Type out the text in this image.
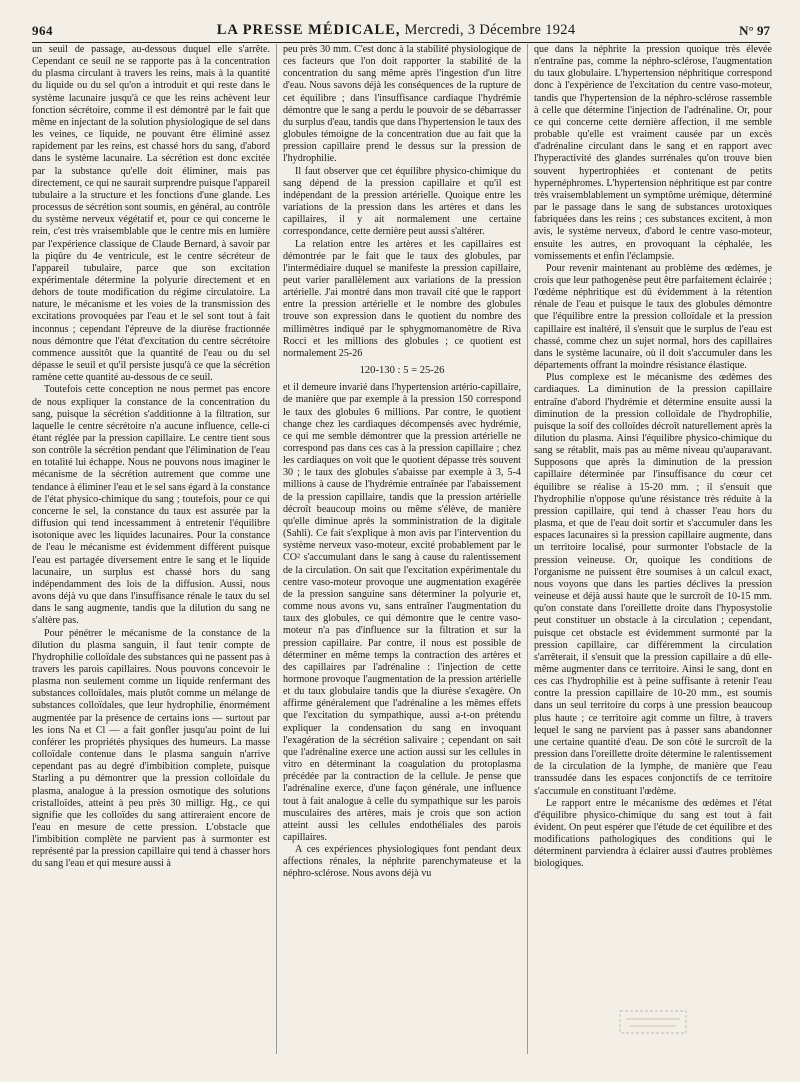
964	LA PRESSE MÉDICALE, Mercredi, 3 Décembre 1924	N° 97

un seuil de passage, au-dessous duquel elle s'arrête. Cependant ce seuil ne se rapporte pas à la concentration du plasma circulant à travers les reins, mais à la quantité du liquide ou du sel qu'on a introduit et qui reste dans le système lacunaire jusqu'à ce que les reins achèvent leur fonction sécrétoire, comme il est démontré par le fait que même en injectant de la solution physiologique de sel dans les veines, ce liquide, ne pouvant être éliminé assez rapidement par les reins, est chassé hors du sang, d'abord dans le système lacunaire. La sécrétion est donc excitée par la substance qu'elle doit éliminer, mais pas directement, ce qui ne saurait surprendre puisque l'appareil tubulaire a la structure et les fonctions d'une glande. Les processus de sécrétion sont soumis, en général, au contrôle du système nerveux végétatif et, pour ce qui concerne le rein, c'est très vraisemblable que le centre mis en lumière par l'expérience classique de Claude Bernard, à savoir par la piqûre du 4e ventricule, est le centre sécréteur de l'appareil tubulaire, parce que son excitation expérimentale détermine la polyurie directement et en dehors de toute modification du régime circulatoire. La nature, le mécanisme et les voies de la transmission des excitations provoquées par l'eau et le sel sont tout à fait inconnus ; cependant l'épreuve de la diurèse fractionnée nous démontre que l'état d'excitation du centre sécrétoire commence aussitôt que la quantité de l'eau ou du sel dépasse le seuil et qu'il persiste jusqu'à ce que la sécrétion ramène cette quantité au-dessous de ce seuil.

Toutefois cette conception ne nous permet pas encore de nous expliquer la constance de la concentration du sang, puisque la sécrétion s'additionne à la filtration, sur laquelle le centre sécrétoire n'a aucune influence, celle-ci étant réglée par la pression capillaire. Le centre tient sous son contrôle la sécrétion pendant que l'élimination de l'eau en totalité lui échappe. Nous ne pouvons nous imaginer le mécanisme de la sécrétion autrement que comme une tendance à éliminer l'eau et le sel sans égard à la constance de l'état physico-chimique du sang ; toutefois, pour ce qui concerne le sel, la constance du taux est assurée par la diffusion qui tend incessamment à entretenir l'équilibre isotonique avec les liquides lacunaires. Pour la constance de l'eau le mécanisme est évidemment différent puisque l'eau est partagée diversement entre le sang et le liquide lacunaire, un surplus est chassé hors du sang indépendamment des lois de la diffusion. Aussi, nous avons déjà vu que dans l'insuffisance rénale le taux du sel dans le sang augmente, tandis que la dilution du sang ne s'altère pas.

Pour pénétrer le mécanisme de la constance de la dilution du plasma sanguin, il faut tenir compte de l'hydrophilie colloïdale des substances qui ne passent pas à travers les parois capillaires. Nous pouvons concevoir le plasma non seulement comme un liquide renfermant des substances colloïdales, mais plutôt comme un mélange de substances colloïdales, que leur hydrophilie, énormément augmentée par la présence de certains ions — surtout par les ions Na et Cl — a fait gonfler jusqu'au point de lui conférer les propriétés physiques des humeurs. La masse colloïdale contenue dans le plasma sanguin n'arrive cependant pas au degré d'imbibition complete, puisque Starling a pu démontrer que la pression colloïdale du plasma, analogue à la pression osmotique des solutions cristalloïdes, atteint à peu près 30 milligr. Hg., ce qui signifie que les colloïdes du sang attireraient encore de l'eau en mesure de cette pression. L'obstacle que l'imbibition complète ne parvient pas à surmonter est représenté par la pression capillaire qui tend à chasser hors du sang l'eau et qui mesure aussi à

peu près 30 mm. C'est donc à la stabilité physiologique de ces facteurs que l'on doit rapporter la stabilité de la concentration du sang même après l'ingestion d'un litre d'eau. Nous savons déjà les conséquences de la rupture de cet équilibre ; dans l'insuffisance cardiaque l'hydrémie démontre que le sang a perdu le pouvoir de se débarrasser du surplus d'eau, tandis que dans l'hypertension le taux des globules témoigne de la concentration due au fait que la pression capillaire prend le dessus sur la pression de l'hydrophilie.

Il faut observer que cet équilibre physico-chimique du sang dépend de la pression capillaire et qu'il est indépendant de la pression artérielle. Quoique entre les variations de la pression dans les artères et dans les capillaires, il y ait normalement une certaine correspondance, cette dernière peut aussi s'altérer.

La relation entre les artères et les capillaires est démontrée par le fait que le taux des globules, par l'intermédiaire duquel se manifeste la pression capillaire, peut varier parallèlement aux variations de la pression artérielle. J'ai montré dans mon travail cité que le rapport entre la pression artérielle et le nombre des globules trouve son expression dans le quotient du nombre des millimètres indiqué par le sphygmomanomètre de Riva Rocci et les millions des globules ; ce quotient est normalement 25-26

120-130 : 5 = 25-26

et il demeure invarié dans l'hypertension artério-capillaire, de manière que par exemple à la pression 150 correspond le taux des globules 6 millions. Par contre, le quotient change chez les cardiaques décompensés avec hydrémie, ce qui me semble démontrer que la pression artérielle ne correspond pas dans ces cas à la pression capillaire ; chez les cardiaques on voit que le quotient dépasse très souvent 30 ; le taux des globules s'abaisse par exemple à 3, 5-4 millions à cause de l'hydrémie entraînée par l'abaissement de la pression capillaire, tandis que la pression artérielle décroît beaucoup moins ou même s'élève, de manière qu'elle diminue après la somministration de la digitale (Sahli). Ce fait s'explique à mon avis par l'intervention du système nerveux vaso-moteur, excité probablement par le CO² s'accumulant dans le sang à cause du ralentissement de la circulation. On sait que l'excitation expérimentale du centre vaso-moteur provoque une augmentation exagérée de la pression sanguine sans déterminer la polyurie et, comme nous avons vu, sans entraîner l'augmentation du taux des globules, ce qui démontre que le centre vaso-moteur n'a pas d'influence sur la filtration et sur la pression capillaire. Par contre, il nous est possible de déterminer en même temps la contraction des artères et des capillaires par l'adrénaline : l'injection de cette hormone provoque l'augmentation de la pression artérielle et du taux globulaire tandis que la diurèse s'exagère. On affirme généralement que l'adrénaline a les mêmes effets que l'excitation du sympathique, aussi a-t-on prétendu expliquer la condensation du sang en invoquant l'exagération de la sécrétion salivaire ; cependant on sait que l'adrénaline exerce une action aussi sur les cellules in vitro en déterminant la coagulation du protoplasma précédée par la contraction de la cellule. Je pense que l'adrénaline exerce, d'une façon générale, une influence tout à fait analogue à celle du sympathique sur les parois musculaires des artères, mais je crois que son action atteint aussi les cellules endothéliales des parois capillaires.

A ces expériences physiologiques font pendant deux affections rénales, la néphrite parenchymateuse et la néphro-sclérose. Nous avons déjà vu

que dans la néphrite la pression quoique très élevée n'entraîne pas, comme la néphro-sclérose, l'augmentation du taux globulaire. L'hypertension néphritique correspond donc à l'expérience de l'excitation du centre vaso-moteur, tandis que l'hypertension de la néphro-sclérose rassemble à celle que détermine l'injection de l'adrénaline. Or, pour ce qui concerne cette dernière affection, il me semble probable qu'elle est vraiment causée par un excès d'adrénaline circulant dans le sang et en rapport avec l'hyperactivité des glandes surrénales qu'on trouve bien souvent hypertrophiées et contenant de petits hypernéphromes. L'hypertension néphritique est par contre très vraisemblablement un symptôme urémique, déterminé par le passage dans le sang de substances urotoxiques fabriquées dans les reins ; ces substances excitent, à mon avis, le système nerveux, d'abord le centre vaso-moteur, ensuite les autres, en provoquant la céphalée, les vomissements et enfin l'éclampsie.

Pour revenir maintenant au problème des œdèmes, je crois que leur pathogenèse peut être parfaitement éclairée ; l'œdème néphritique est dû évidemment à la rétention rénale de l'eau et puisque le taux des globules démontre que l'équilibre entre la pression colloïdale et la pression capillaire est inaltéré, il s'ensuit que le surplus de l'eau est chassé, comme chez un sujet normal, hors des capillaires dans le système lacunaire, où il doit s'accumuler dans les départements offrant la moindre résistance élastique.

Plus complexe est le mécanisme des œdèmes des cardiaques. La diminution de la pression capillaire entraîne d'abord l'hydrémie et détermine ensuite aussi la diminution de la pression colloïdale de l'hydrophilie, puisque la soif des colloïdes décroît naturellement après la dilution du plasma. Ainsi l'équilibre physico-chimique du sang se rétablit, mais pas au même niveau qu'auparavant. Supposons que après la diminution de la pression capillaire déterminée par l'insuffisance du cœur cet équilibre se réalise à 15-20 mm. ; il s'ensuit que l'hydrophilie n'oppose qu'une résistance très réduite à la pression capillaire, qui tend à chasser l'eau hors du plasma, et que de l'eau doit sortir et s'accumuler dans les espaces lacunaires si la pression capillaire augmente, dans un territoire localisé, pour surmonter l'obstacle de la pression veineuse. Or, quoique les conditions de l'organisme ne puissent être soumises à un calcul exact, nous voyons que dans les parties déclives la pression veineuse et déjà aussi haute que le surcroît de 10-15 mm. qu'on constate dans l'oreillette droite dans l'hyposystolie peut constituer un obstacle à la circulation ; cependant, puisque cet obstacle est évidemment surmonté par la pression capillaire, car différemment la circulation s'arrêterait, il s'ensuit que la pression capillaire a dû elle-même augmenter dans ce territoire. Ainsi le sang, dont en ces cas l'hydrophilie est à peine suffisante à retenir l'eau contre la pression capillaire de 10-20 mm., est soumis dans un seul territoire du corps à une pression beaucoup plus haute ; ce territoire agit comme un filtre, à travers lequel le sang ne parvient pas à passer sans abandonner une certaine quantité d'eau. De son côté le surcroît de la pression dans l'oreillette droite détermine le ralentissement de la circulation de la lymphe, de manière que l'eau transsudée dans les espaces conjonctifs de ce territoire s'accumule en constituant l'œdème.

Le rapport entre le mécanisme des œdèmes et l'état d'équilibre physico-chimique du sang est tout à fait évident. On peut espérer que l'étude de cet équilibre et des modifications pathologiques des conditions qui le déterminent parviendra à éclairer aussi d'autres problèmes biologiques.
